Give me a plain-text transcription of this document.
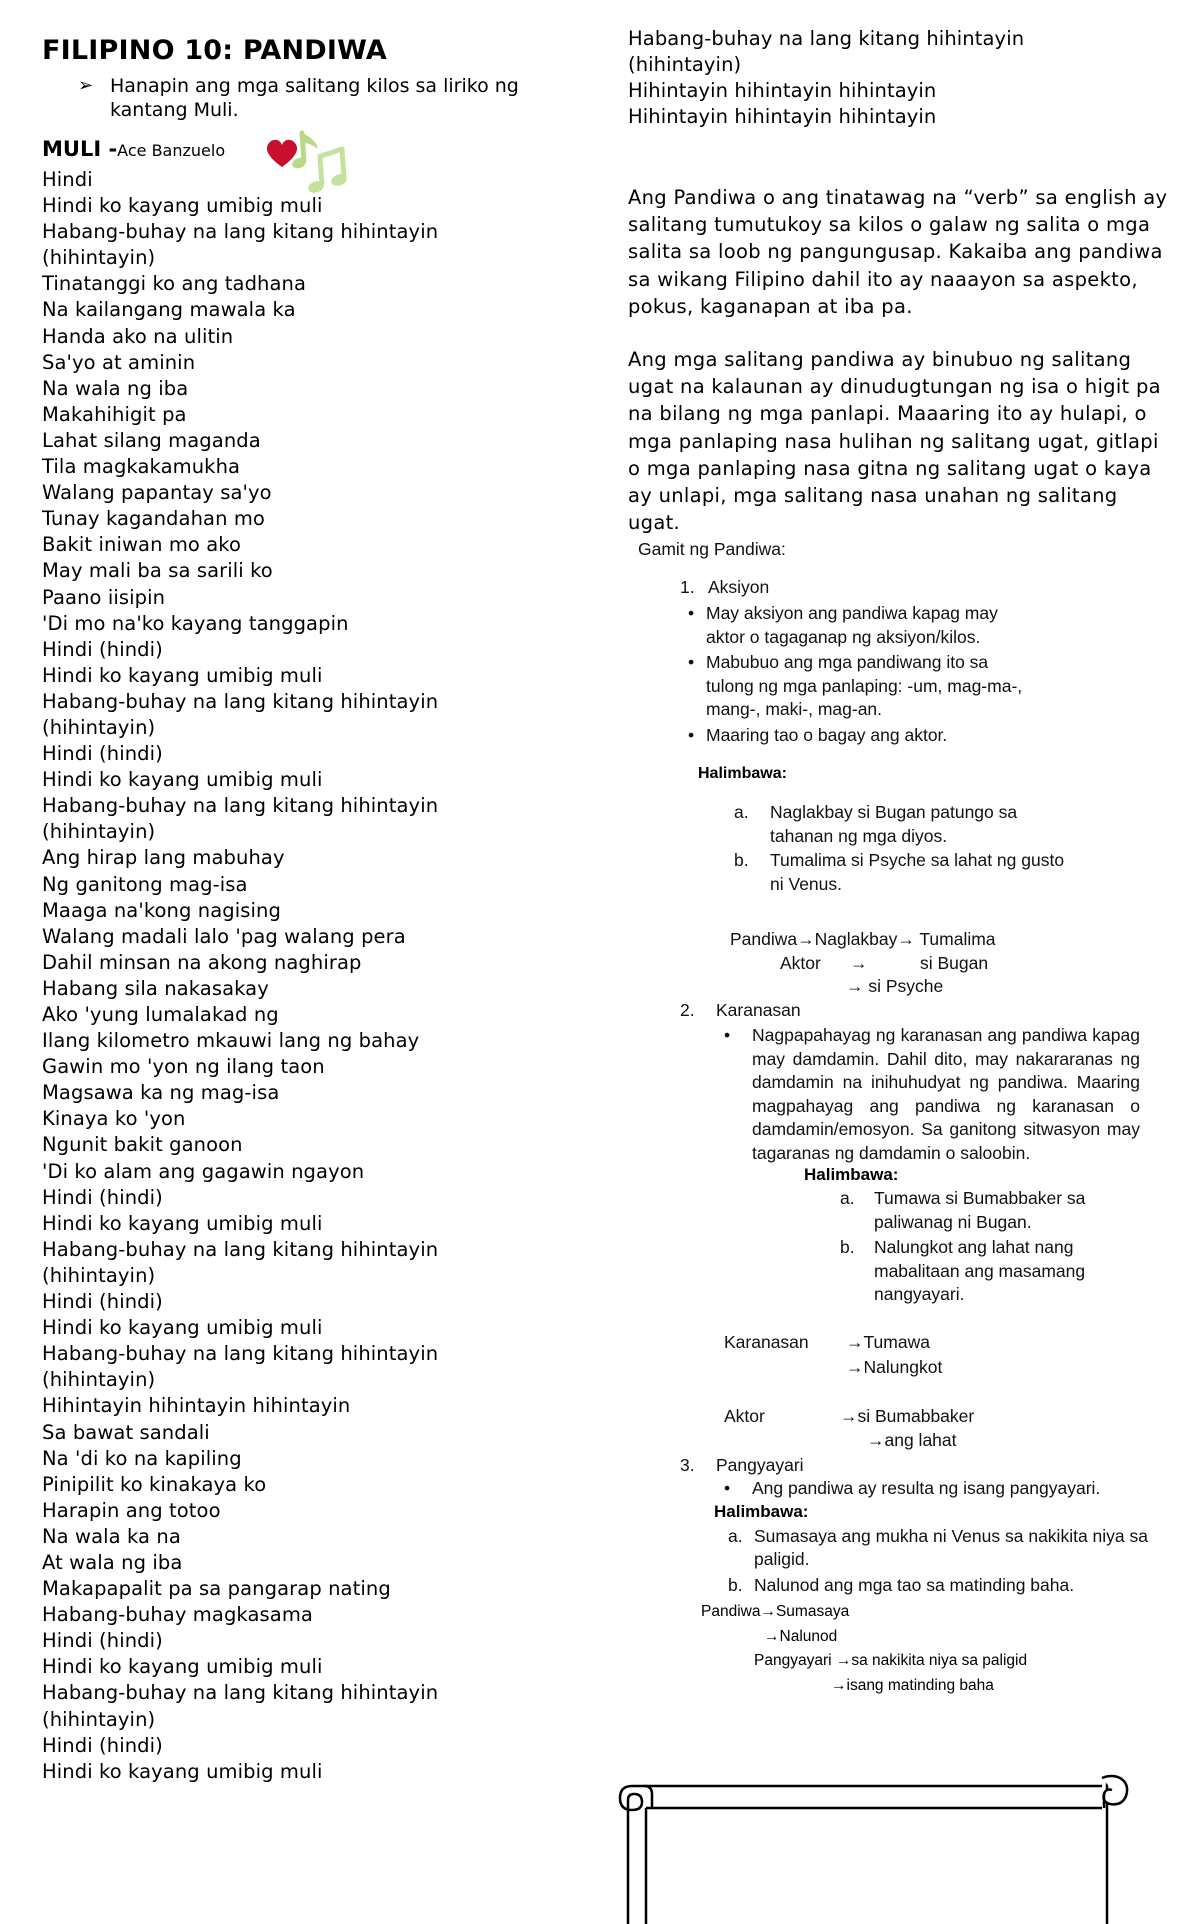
FILIPINO 10: PANDIWA
➢ Hanapin ang mga salitang kilos sa liriko ng kantang Muli.
MULI -Ace Banzuelo
Hindi
Hindi ko kayang umibig muli
Habang-buhay na lang kitang hihintayin
(hihintayin)
Tinatanggi ko ang tadhana
Na kailangang mawala ka
Handa ako na ulitin
Sa'yo at aminin
Na wala ng iba
Makahihigit pa
Lahat silang maganda
Tila magkakamukha
Walang papantay sa'yo
Tunay kagandahan mo
Bakit iniwan mo ako
May mali ba sa sarili ko
Paano iisipin
'Di mo na'ko kayang tanggapin
Hindi (hindi)
Hindi ko kayang umibig muli
Habang-buhay na lang kitang hihintayin
(hihintayin)
Hindi (hindi)
Hindi ko kayang umibig muli
Habang-buhay na lang kitang hihintayin
(hihintayin)
Ang hirap lang mabuhay
Ng ganitong mag-isa
Maaga na'kong nagising
Walang madali lalo 'pag walang pera
Dahil minsan na akong naghirap
Habang sila nakasakay
Ako 'yung lumalakad ng
Ilang kilometro mkauwi lang ng bahay
Gawin mo 'yon ng ilang taon
Magsawa ka ng mag-isa
Kinaya ko 'yon
Ngunit bakit ganoon
'Di ko alam ang gagawin ngayon
Hindi (hindi)
Hindi ko kayang umibig muli
Habang-buhay na lang kitang hihintayin
(hihintayin)
Hindi (hindi)
Hindi ko kayang umibig muli
Habang-buhay na lang kitang hihintayin
(hihintayin)
Hihintayin hihintayin hihintayin
Sa bawat sandali
Na 'di ko na kapiling
Pinipilit ko kinakaya ko
Harapin ang totoo
Na wala ka na
At wala ng iba
Makapapalit pa sa pangarap nating
Habang-buhay magkasama
Hindi (hindi)
Hindi ko kayang umibig muli
Habang-buhay na lang kitang hihintayin
(hihintayin)
Hindi (hindi)
Hindi ko kayang umibig muli
Habang-buhay na lang kitang hihintayin
(hihintayin)
Hihintayin hihintayin hihintayin
Hihintayin hihintayin hihintayin

Ang Pandiwa o ang tinatawag na “verb” sa english ay salitang tumutukoy sa kilos o galaw ng salita o mga salita sa loob ng pangungusap. Kakaiba ang pandiwa sa wikang Filipino dahil ito ay naaayon sa aspekto, pokus, kaganapan at iba pa.

Ang mga salitang pandiwa ay binubuo ng salitang ugat na kalaunan ay dinudugtungan ng isa o higit pa na bilang ng mga panlapi. Maaaring ito ay hulapi, o mga panlaping nasa hulihan ng salitang ugat, gitlapi o mga panlaping nasa gitna ng salitang ugat o kaya ay unlapi, mga salitang nasa unahan ng salitang ugat.

Gamit ng Pandiwa:
1. Aksiyon
• May aksiyon ang pandiwa kapag may aktor o tagaganap ng aksiyon/kilos.
• Mabubuo ang mga pandiwang ito sa tulong ng mga panlaping: -um, mag-ma-, mang-, maki-, mag-an.
• Maaring tao o bagay ang aktor.
Halimbawa:
a.	Naglakbay si Bugan patungo sa tahanan ng mga diyos.
b.	Tumalima si Psyche sa lahat ng gusto ni Venus.
Pandiwa→Naglakbay→ Tumalima
Aktor	→	si Bugan
→ si Psyche
2.	Karanasan
• Nagpapahayag ng karanasan ang pandiwa kapag may damdamin. Dahil dito, may nakararanas ng damdamin na inihuhudyat ng pandiwa. Maaring magpahayag ang pandiwa ng karanasan o damdamin/emosyon. Sa ganitong sitwasyon may tagaranas ng damdamin o saloobin.
Halimbawa:
a.	Tumawa si Bumabbaker sa paliwanag ni Bugan.
b.	Nalungkot ang lahat nang mabalitaan ang masamang nangyayari.
Karanasan	→Tumawa
→Nalungkot
Aktor	→si Bumabbaker
→ang lahat
3.	Pangyayari
• Ang pandiwa ay resulta ng isang pangyayari.
Halimbawa:
a. Sumasaya ang mukha ni Venus sa nakikita niya sa paligid.
b. Nalunod ang mga tao sa matinding baha.
Pandiwa→Sumasaya
→Nalunod
Pangyayari →sa nakikita niya sa paligid
→isang matinding baha
